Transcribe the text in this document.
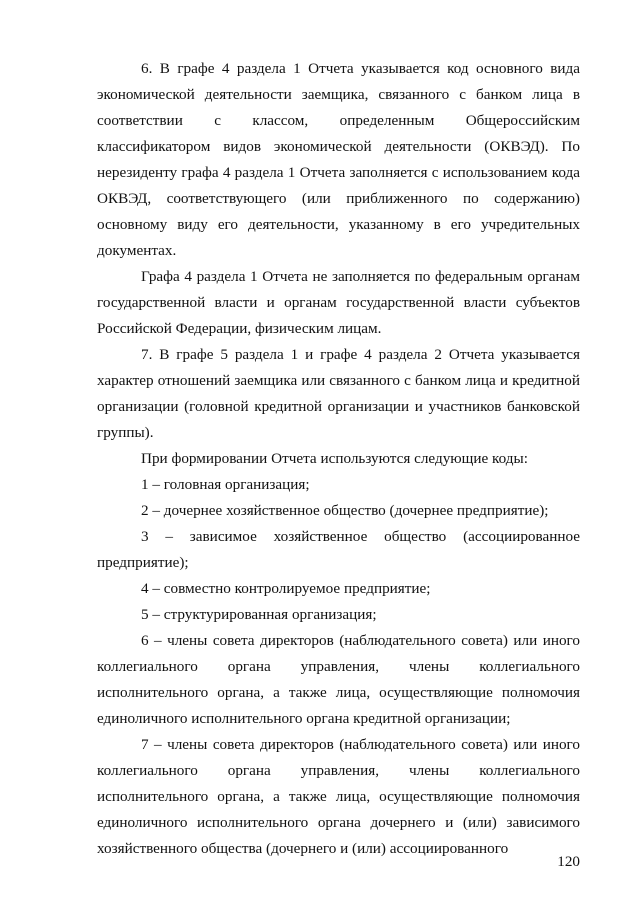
6. В графе 4 раздела 1 Отчета указывается код основного вида экономической деятельности заемщика, связанного с банком лица в соответствии с классом, определенным Общероссийским классификатором видов экономической деятельности (ОКВЭД). По нерезиденту графа 4 раздела 1 Отчета заполняется с использованием кода ОКВЭД, соответствующего (или приближенного по содержанию) основному виду его деятельности, указанному в его учредительных документах.

Графа 4 раздела 1 Отчета не заполняется по федеральным органам государственной власти и органам государственной власти субъектов Российской Федерации, физическим лицам.

7. В графе 5 раздела 1 и графе 4 раздела 2 Отчета указывается характер отношений заемщика или связанного с банком лица и кредитной организации (головной кредитной организации и участников банковской группы).

При формировании Отчета используются следующие коды:

1 – головная организация;

2 – дочернее хозяйственное общество (дочернее предприятие);

3 – зависимое хозяйственное общество (ассоциированное предприятие);

4 – совместно контролируемое предприятие;

5 – структурированная организация;

6 – члены совета директоров (наблюдательного совета) или иного коллегиального органа управления, члены коллегиального исполнительного органа, а также лица, осуществляющие полномочия единоличного исполнительного органа кредитной организации;

7 – члены совета директоров (наблюдательного совета) или иного коллегиального органа управления, члены коллегиального исполнительного органа, а также лица, осуществляющие полномочия единоличного исполнительного органа дочернего и (или) зависимого хозяйственного общества (дочернего и (или) ассоциированного

120
